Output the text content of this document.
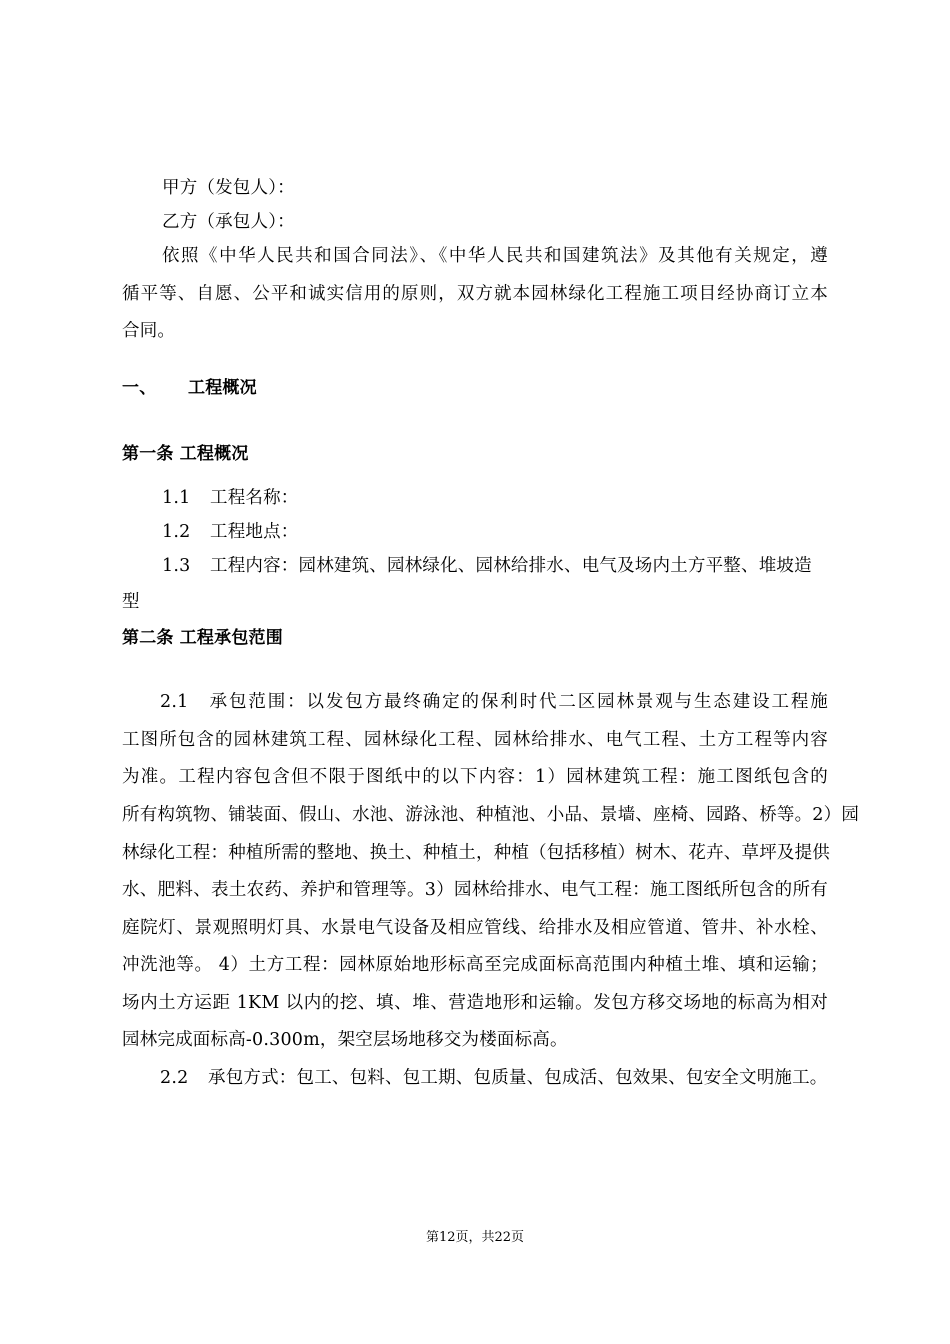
甲方（发包人）：

乙方（承包人）：

依照《中华人民共和国合同法》、《中华人民共和国建筑法》及其他有关规定，遵

循平等、自愿、公平和诚实信用的原则，双方就本园林绿化工程施工项目经协商订立本

合同。

一、 工程概况

第一条 工程概况

1.1 工程名称：

1.2 工程地点：

1.3 工程内容：园林建筑、园林绿化、园林给排水、电气及场内土方平整、堆坡造

型

第二条 工程承包范围

2.1 承包范围：以发包方最终确定的保利时代二区园林景观与生态建设工程施

工图所包含的园林建筑工程、园林绿化工程、园林给排水、电气工程、土方工程等内容

为准。工程内容包含但不限于图纸中的以下内容：1）园林建筑工程：施工图纸包含的

所有构筑物、铺装面、假山、水池、游泳池、种植池、小品、景墙、座椅、园路、桥等。2）园

林绿化工程：种植所需的整地、换土、种植土，种植（包括移植）树木、花卉、草坪及提供

水、肥料、表土农药、养护和管理等。3）园林给排水、电气工程：施工图纸所包含的所有

庭院灯、景观照明灯具、水景电气设备及相应管线、给排水及相应管道、管井、补水栓、

冲洗池等。 4）土方工程：园林原始地形标高至完成面标高范围内种植土堆、填和运输；

场内土方运距 1KM 以内的挖、填、堆、营造地形和运输。发包方移交场地的标高为相对

园林完成面标高-0.300m，架空层场地移交为楼面标高。

2.2 承包方式：包工、包料、包工期、包质量、包成活、包效果、包安全文明施工。

第12页，共22页
